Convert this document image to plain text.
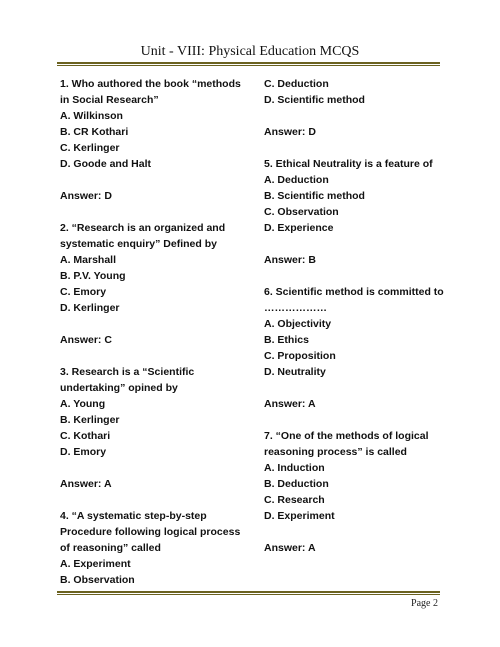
Unit - VIII: Physical Education MCQS
1. Who authored the book “methods
in Social Research”
A. Wilkinson
B. CR Kothari
C. Kerlinger
D. Goode and Halt
Answer: D
2. “Research is an organized and
systematic enquiry” Defined by
A. Marshall
B. P.V. Young
C. Emory
D. Kerlinger
Answer: C
3. Research is a “Scientific
undertaking” opined by
A. Young
B. Kerlinger
C. Kothari
D. Emory
Answer: A
4. “A systematic step-by-step
Procedure following logical process
of reasoning” called
A. Experiment
B. Observation
C. Deduction
D. Scientific method
Answer: D
5. Ethical Neutrality is a feature of
A. Deduction
B. Scientific method
C. Observation
D. Experience
Answer: B
6. Scientific method is committed to
………………
A. Objectivity
B. Ethics
C. Proposition
D. Neutrality
Answer: A
7. “One of the methods of logical
reasoning process” is called
A. Induction
B. Deduction
C. Research
D. Experiment
Answer: A
Page 2
